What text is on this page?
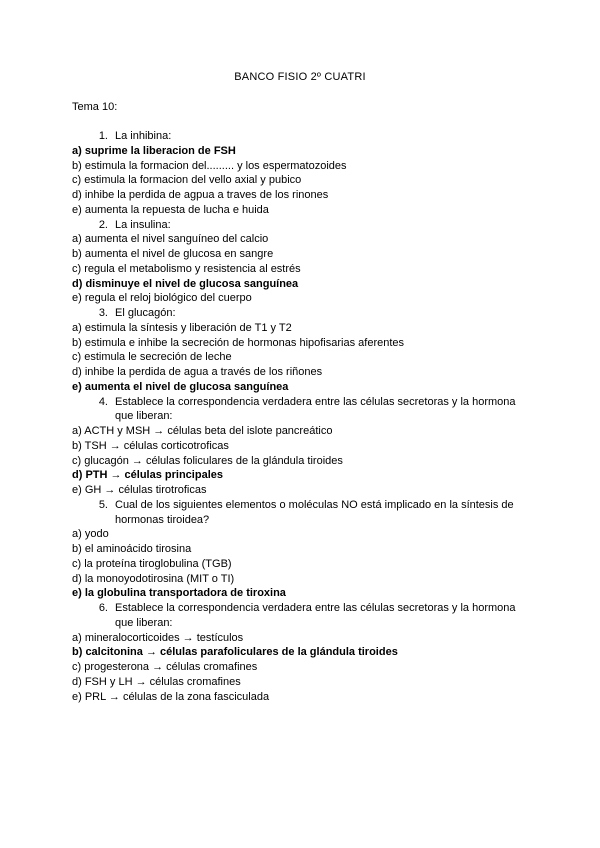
BANCO FISIO 2º CUATRI
Tema 10:
1. La inhibina:
a) suprime la liberacion de FSH
b) estimula la formacion del......... y los espermatozoides
c) estimula la formacion del vello axial y pubico
d) inhibe la perdida de agpua a traves de los rinones
e) aumenta la repuesta de lucha e huida
2. La insulina:
a) aumenta el nivel sanguíneo del calcio
b) aumenta el nivel de glucosa en sangre
c) regula el metabolismo y resistencia al estrés
d) disminuye el nivel de glucosa sanguínea
e) regula el reloj biológico del cuerpo
3. El glucagón:
a) estimula la síntesis y liberación de T1 y T2
b) estimula e inhibe la secreción de hormonas hipofisarias aferentes
c) estimula le secreción de leche
d) inhibe la perdida de agua a través de los riñones
e) aumenta el nivel de glucosa sanguínea
4. Establece la correspondencia verdadera entre las células secretoras y la hormona que liberan:
a) ACTH y MSH → células beta del islote pancreático
b) TSH → células corticotroficas
c) glucagón → células foliculares de la glándula tiroides
d) PTH → células principales
e) GH → células tirotroficas
5. Cual de los siguientes elementos o moléculas NO está implicado en la síntesis de hormonas tiroidea?
a) yodo
b) el aminoácido tirosina
c) la proteína tiroglobulina (TGB)
d) la monoyodotirosina (MIT o TI)
e) la globulina transportadora de tiroxina
6. Establece la correspondencia verdadera entre las células secretoras y la hormona que liberan:
a) mineralocorticoides → testículos
b) calcitonina → células parafoliculares de la glándula tiroides
c) progesterona → células cromafines
d) FSH y LH → células cromafines
e) PRL → células de la zona fasciculada
